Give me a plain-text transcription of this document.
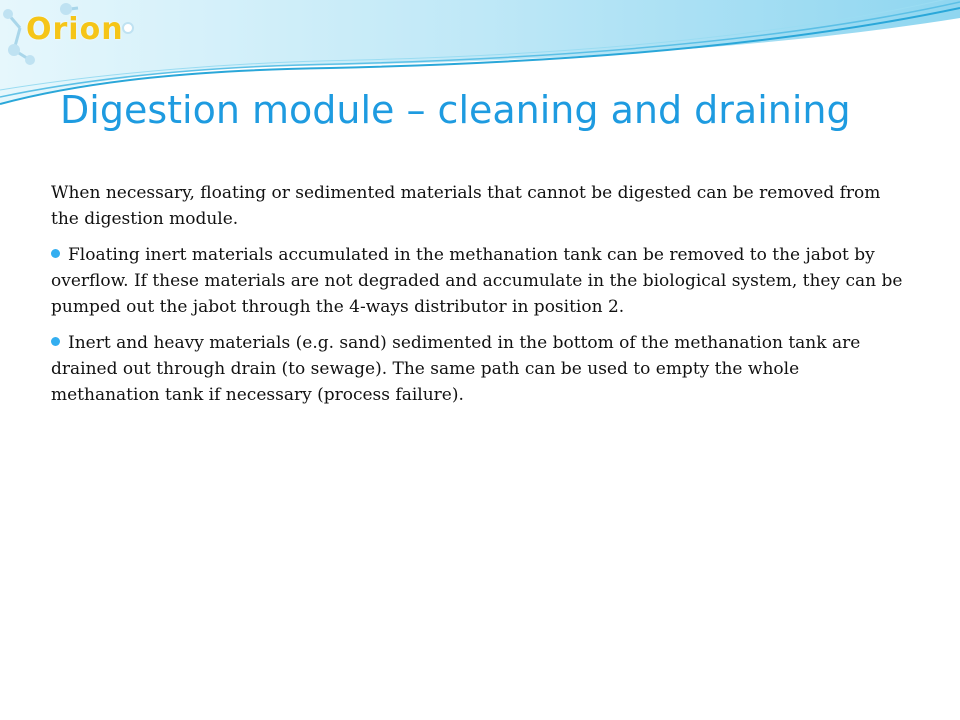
Orion
Digestion module – cleaning and draining

When necessary, floating or sedimented materials that cannot be digested can be removed from the digestion module.

Floating inert materials accumulated in the methanation tank can be removed to the jabot by overflow. If these materials are not degraded and accumulate in the biological system, they can be pumped out the jabot through the 4-ways distributor in position 2.
Inert and heavy materials (e.g. sand) sedimented in the bottom of the methanation tank are drained out through drain (to sewage). The same path can be used to empty the whole methanation tank if necessary (process failure).
